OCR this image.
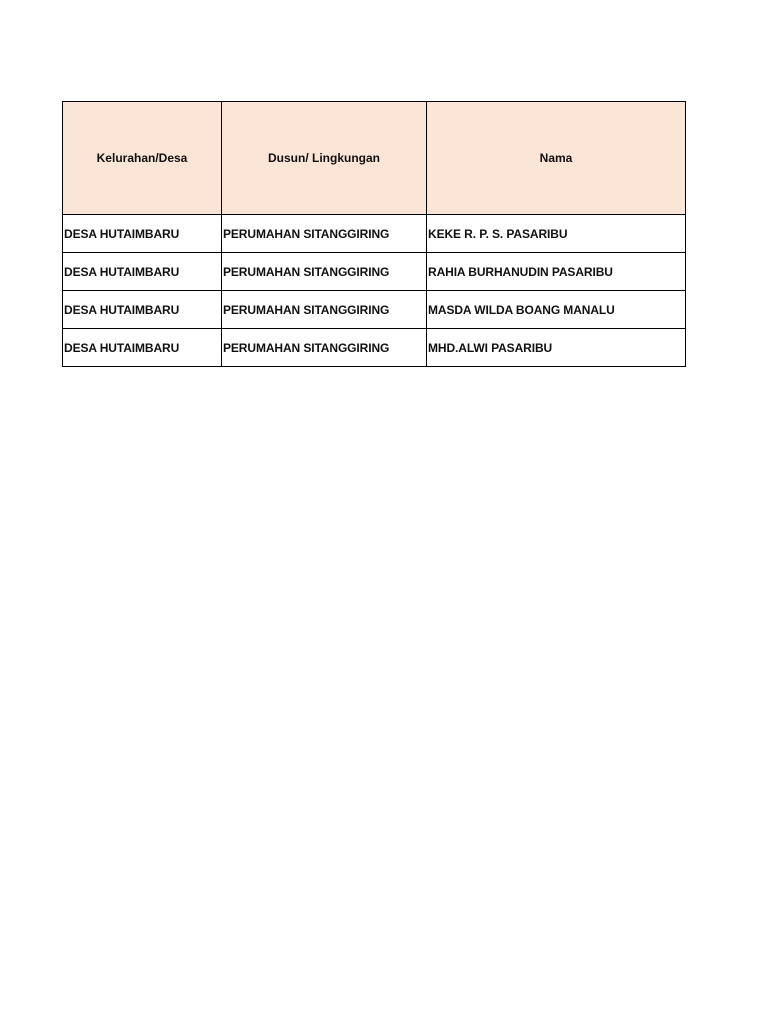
Kelurahan/Desa	Dusun/ Lingkungan	Nama
DESA HUTAIMBARU	PERUMAHAN SITANGGIRING	KEKE R. P. S. PASARIBU
DESA HUTAIMBARU	PERUMAHAN SITANGGIRING	RAHIA BURHANUDIN PASARIBU
DESA HUTAIMBARU	PERUMAHAN SITANGGIRING	MASDA WILDA BOANG MANALU
DESA HUTAIMBARU	PERUMAHAN SITANGGIRING	MHD.ALWI PASARIBU
